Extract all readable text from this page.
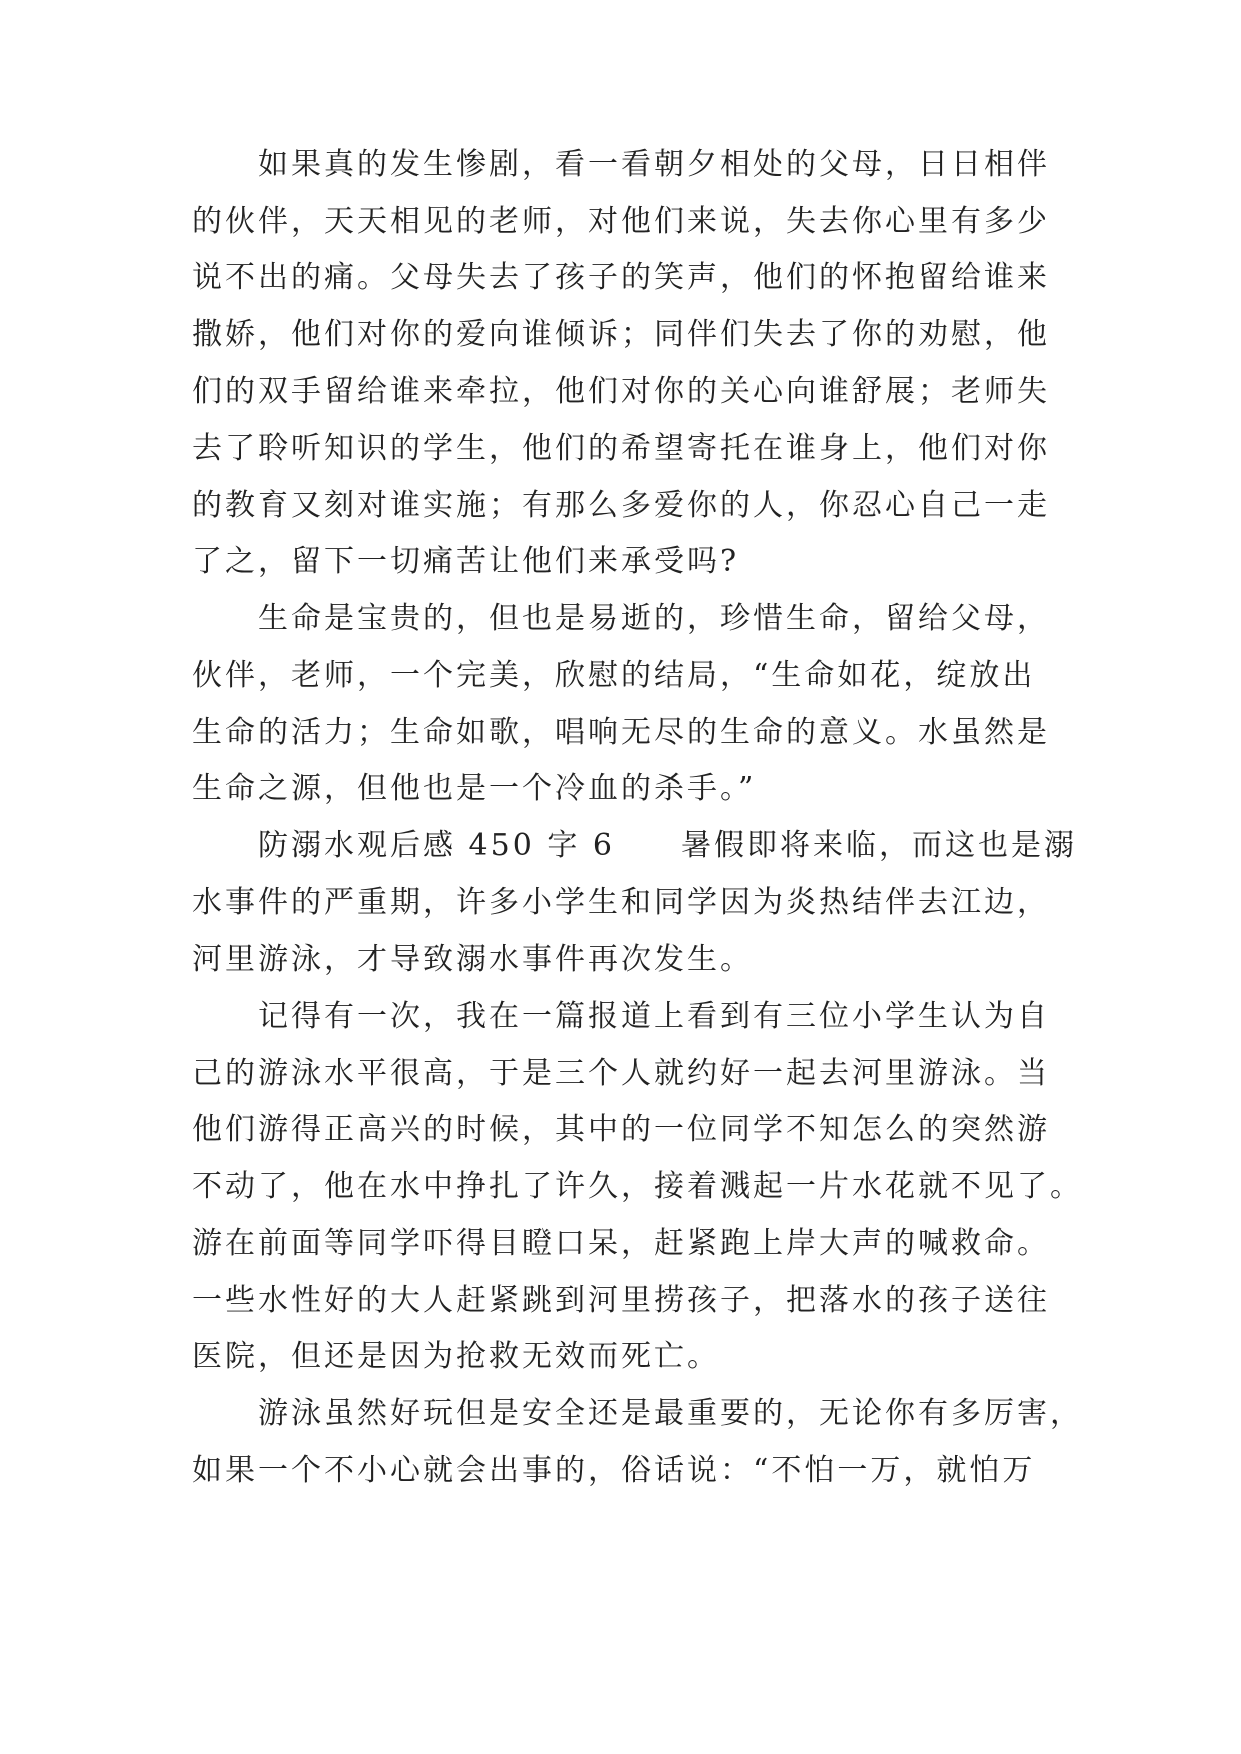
　　如果真的发生惨剧，看一看朝夕相处的父母，日日相伴
的伙伴，天天相见的老师，对他们来说，失去你心里有多少
说不出的痛。父母失去了孩子的笑声，他们的怀抱留给谁来
撒娇，他们对你的爱向谁倾诉；同伴们失去了你的劝慰，他
们的双手留给谁来牵拉，他们对你的关心向谁舒展；老师失
去了聆听知识的学生，他们的希望寄托在谁身上，他们对你
的教育又刻对谁实施；有那么多爱你的人，你忍心自己一走
了之，留下一切痛苦让他们来承受吗?
　　生命是宝贵的，但也是易逝的，珍惜生命，留给父母，
伙伴，老师，一个完美，欣慰的结局，“生命如花，绽放出
生命的活力；生命如歌，唱响无尽的生命的意义。水虽然是
生命之源，但他也是一个冷血的杀手。”
　　防溺水观后感 450 字 6　　暑假即将来临，而这也是溺
水事件的严重期，许多小学生和同学因为炎热结伴去江边，
河里游泳，才导致溺水事件再次发生。
　　记得有一次，我在一篇报道上看到有三位小学生认为自
己的游泳水平很高，于是三个人就约好一起去河里游泳。当
他们游得正高兴的时候，其中的一位同学不知怎么的突然游
不动了，他在水中挣扎了许久，接着溅起一片水花就不见了。
游在前面等同学吓得目瞪口呆，赶紧跑上岸大声的喊救命。
一些水性好的大人赶紧跳到河里捞孩子，把落水的孩子送往
医院，但还是因为抢救无效而死亡。
　　游泳虽然好玩但是安全还是最重要的，无论你有多厉害，
如果一个不小心就会出事的，俗话说：“不怕一万，就怕万
